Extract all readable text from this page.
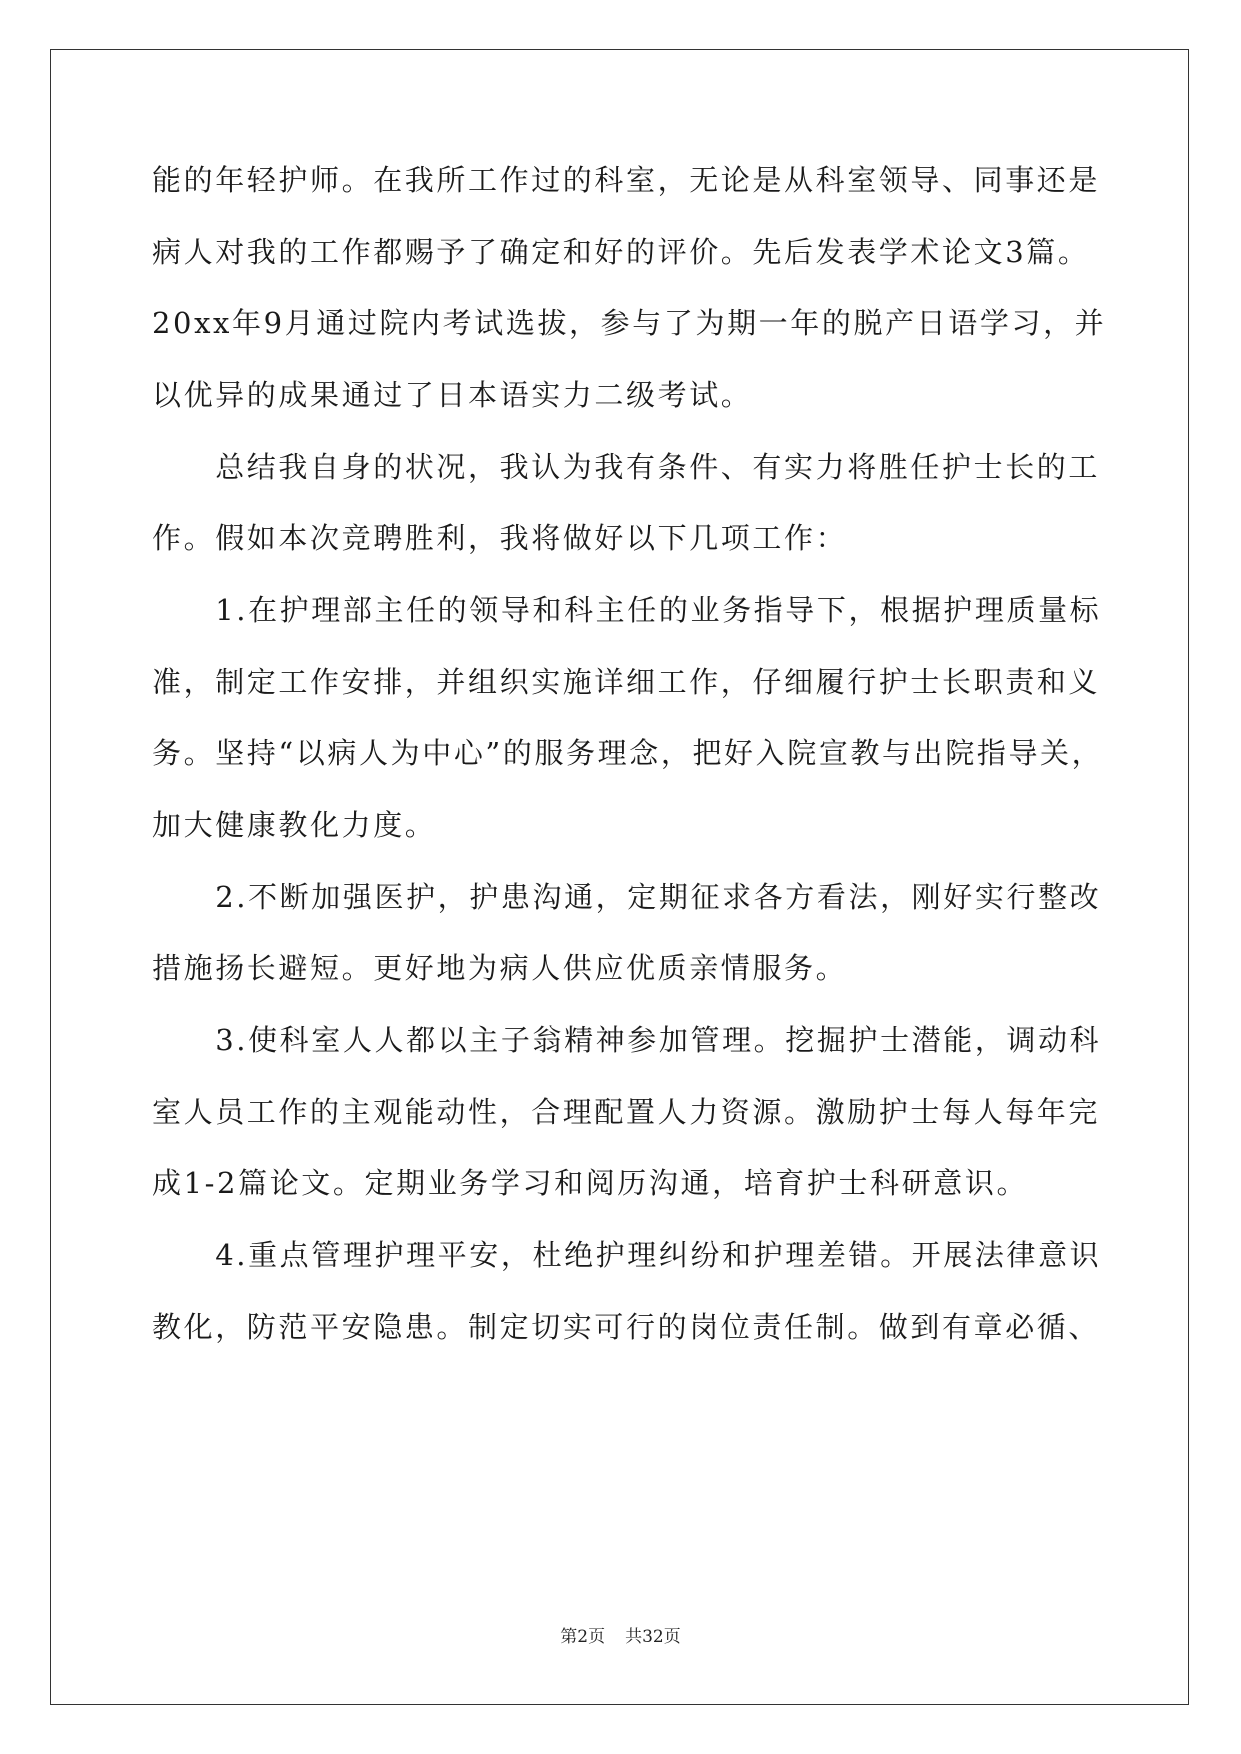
能的年轻护师。在我所工作过的科室，无论是从科室领导、同事还是
病人对我的工作都赐予了确定和好的评价。先后发表学术论文3篇。
20xx年9月通过院内考试选拔，参与了为期一年的脱产日语学习，并
以优异的成果通过了日本语实力二级考试。
　　总结我自身的状况，我认为我有条件、有实力将胜任护士长的工
作。假如本次竞聘胜利，我将做好以下几项工作：
　　1.在护理部主任的领导和科主任的业务指导下，根据护理质量标
准，制定工作安排，并组织实施详细工作，仔细履行护士长职责和义
务。坚持“以病人为中心”的服务理念，把好入院宣教与出院指导关，
加大健康教化力度。
　　2.不断加强医护，护患沟通，定期征求各方看法，刚好实行整改
措施扬长避短。更好地为病人供应优质亲情服务。
　　3.使科室人人都以主子翁精神参加管理。挖掘护士潜能，调动科
室人员工作的主观能动性，合理配置人力资源。激励护士每人每年完
成1-2篇论文。定期业务学习和阅历沟通，培育护士科研意识。
　　4.重点管理护理平安，杜绝护理纠纷和护理差错。开展法律意识
教化，防范平安隐患。制定切实可行的岗位责任制。做到有章必循、
第2页 共32页
